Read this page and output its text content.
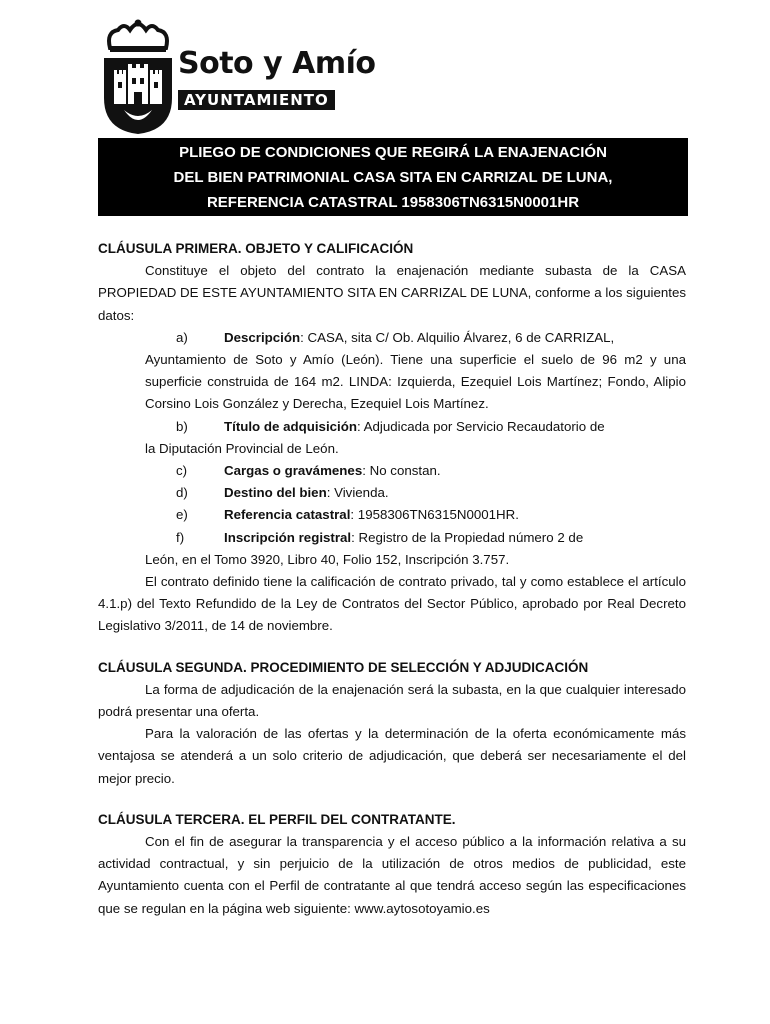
Soto y Amío
AYUNTAMIENTO
PLIEGO DE CONDICIONES QUE REGIRÁ LA ENAJENACIÓN
DEL BIEN PATRIMONIAL CASA SITA EN CARRIZAL DE LUNA,
REFERENCIA CATASTRAL 1958306TN6315N0001HR

CLÁUSULA PRIMERA. OBJETO Y CALIFICACIÓN

Constituye el objeto del contrato la enajenación mediante subasta de la CASA PROPIEDAD DE ESTE AYUNTAMIENTO SITA EN CARRIZAL DE LUNA, conforme a los siguientes datos:

a)	Descripción: CASA, sita C/ Ob. Alquilio Álvarez, 6 de CARRIZAL,

Ayuntamiento de Soto y Amío (León). Tiene una superficie el suelo de 96 m2 y una superficie construida de 164 m2. LINDA: Izquierda, Ezequiel Lois Martínez; Fondo, Alipio Corsino Lois González y Derecha, Ezequiel Lois Martínez.

b)	Título de adquisición: Adjudicada por Servicio Recaudatorio de

la Diputación Provincial de León.

c)	Cargas o gravámenes: No constan.
d)	Destino del bien: Vivienda.
e)	Referencia catastral: 1958306TN6315N0001HR.
f)	Inscripción registral: Registro de la Propiedad número 2 de

León, en el Tomo 3920, Libro 40, Folio 152, Inscripción 3.757.

El contrato definido tiene la calificación de contrato privado, tal y como establece el artículo 4.1.p) del Texto Refundido de la Ley de Contratos del Sector Público, aprobado por Real Decreto Legislativo 3/2011, de 14 de noviembre.

CLÁUSULA SEGUNDA. PROCEDIMIENTO DE SELECCIÓN Y ADJUDICACIÓN

La forma de adjudicación de la enajenación será la subasta, en la que cualquier interesado podrá presentar una oferta.

Para la valoración de las ofertas y la determinación de la oferta económicamente más ventajosa se atenderá a un solo criterio de adjudicación, que deberá ser necesariamente el del mejor precio.

CLÁUSULA TERCERA. EL PERFIL DEL CONTRATANTE.

Con el fin de asegurar la transparencia y el acceso público a la información relativa a su actividad contractual, y sin perjuicio de la utilización de otros medios de publicidad, este Ayuntamiento cuenta con el Perfil de contratante al que tendrá acceso según las especificaciones que se regulan en la página web siguiente: www.aytosotoyamio.es
